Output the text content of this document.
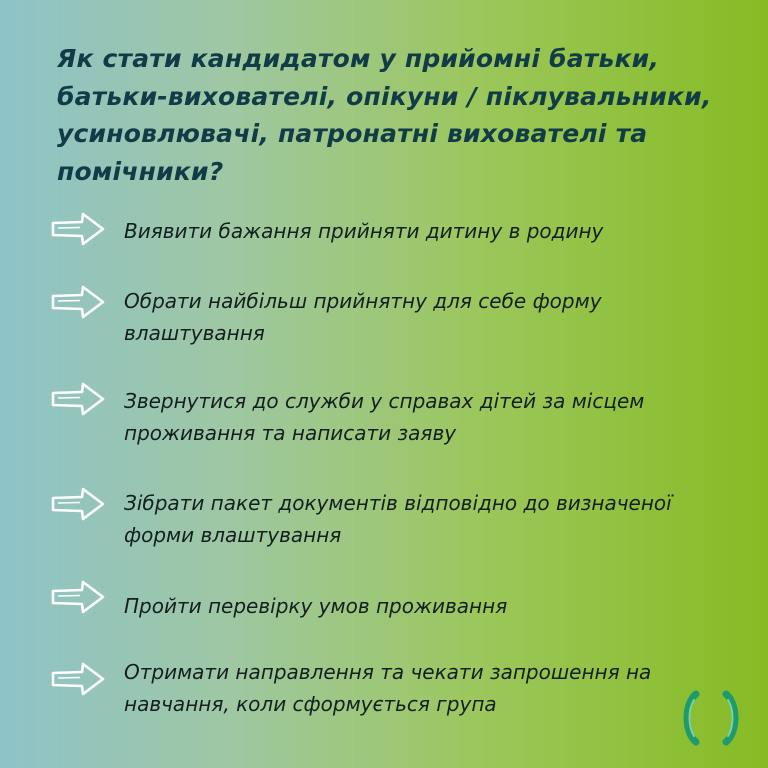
Як стати кандидатом у прийомні батьки, батьки-вихователі, опікуни / піклувальники, усиновлювачі, патронатні вихователі та помічники?

Виявити бажання прийняти дитину в родину

Обрати найбільш прийнятну для себе форму влаштування

Звернутися до служби у справах дітей за місцем проживання та написати заяву

Зібрати пакет документів відповідно до визначеної форми влаштування

Пройти перевірку умов проживання

Отримати направлення та чекати запрошення на навчання, коли сформується група
